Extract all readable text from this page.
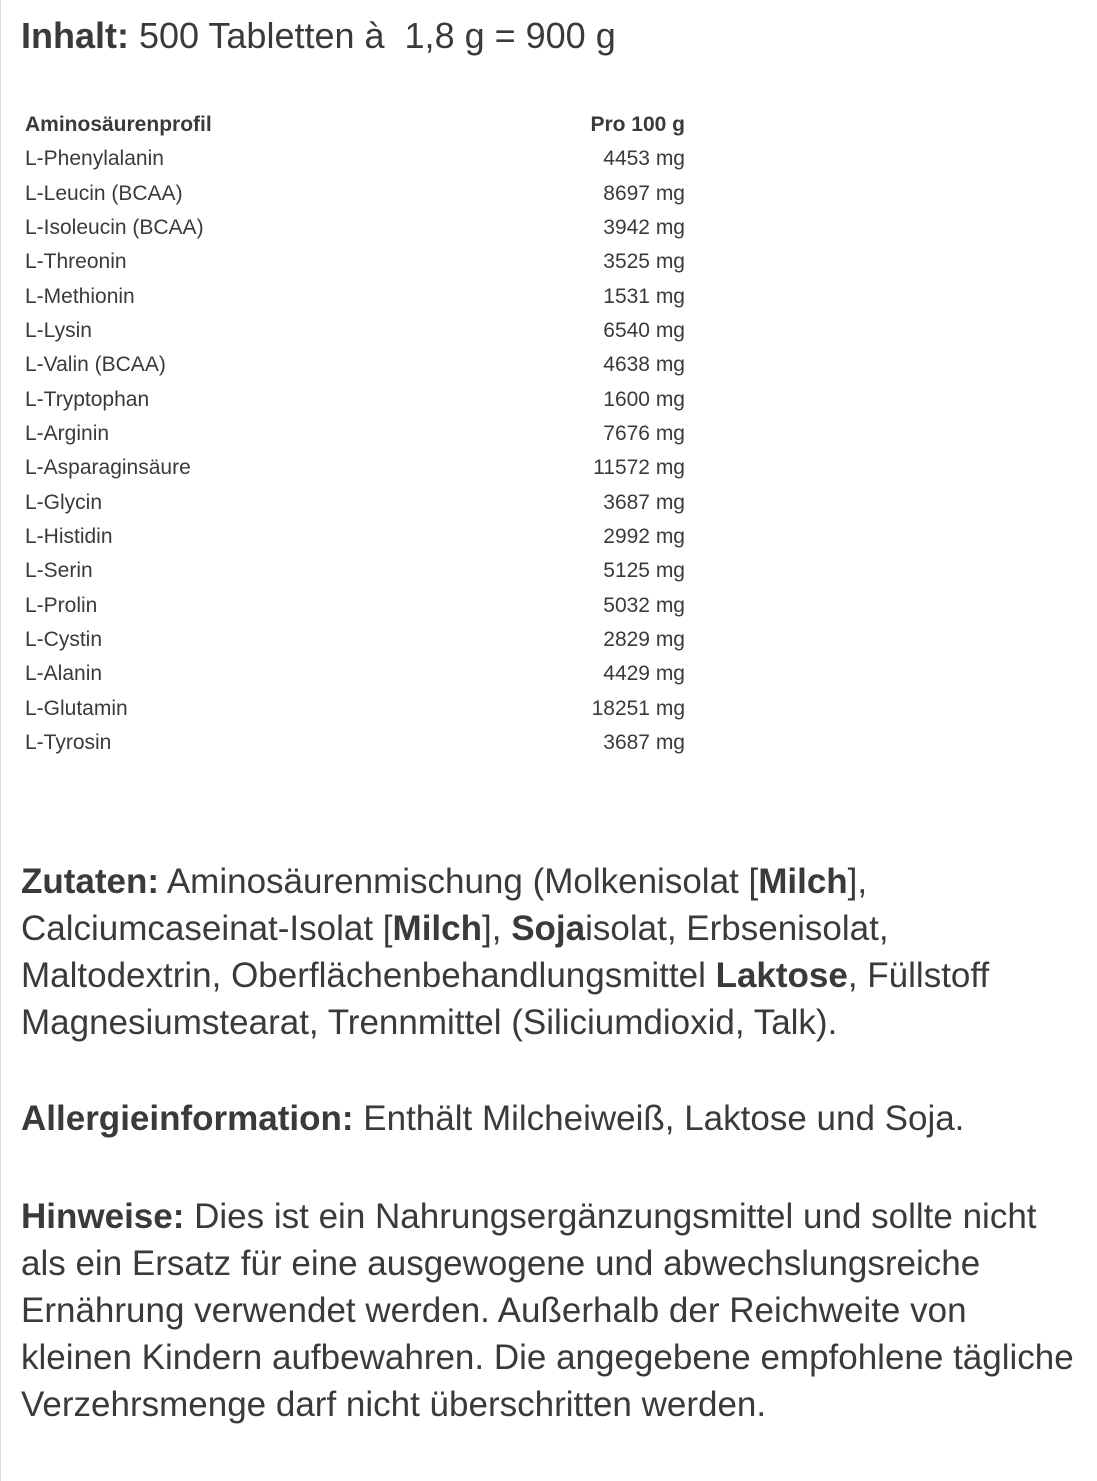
Inhalt: 500 Tabletten à  1,8 g = 900 g
Aminosäurenprofil	Pro 100 g
L-Phenylalanin	4453 mg
L-Leucin (BCAA)	8697 mg
L-Isoleucin (BCAA)	3942 mg
L-Threonin	3525 mg
L-Methionin	1531 mg
L-Lysin	6540 mg
L-Valin (BCAA)	4638 mg
L-Tryptophan	1600 mg
L-Arginin	7676 mg
L-Asparaginsäure	11572 mg
L-Glycin	3687 mg
L-Histidin	2992 mg
L-Serin	5125 mg
L-Prolin	5032 mg
L-Cystin	2829 mg
L-Alanin	4429 mg
L-Glutamin	18251 mg
L-Tyrosin	3687 mg
Zutaten: Aminosäurenmischung (Molkenisolat [Milch], Calciumcaseinat-Isolat [Milch], Sojaisolat, Erbsenisolat, Maltodextrin, Oberflächenbehandlungsmittel Laktose, Füllstoff Magnesiumstearat, Trennmittel (Siliciumdioxid, Talk).
Allergieinformation: Enthält Milcheiweiß, Laktose und Soja.
Hinweise: Dies ist ein Nahrungsergänzungsmittel und sollte nicht als ein Ersatz für eine ausgewogene und abwechslungsreiche Ernährung verwendet werden. Außerhalb der Reichweite von kleinen Kindern aufbewahren. Die angegebene empfohlene tägliche Verzehrsmenge darf nicht überschritten werden.
